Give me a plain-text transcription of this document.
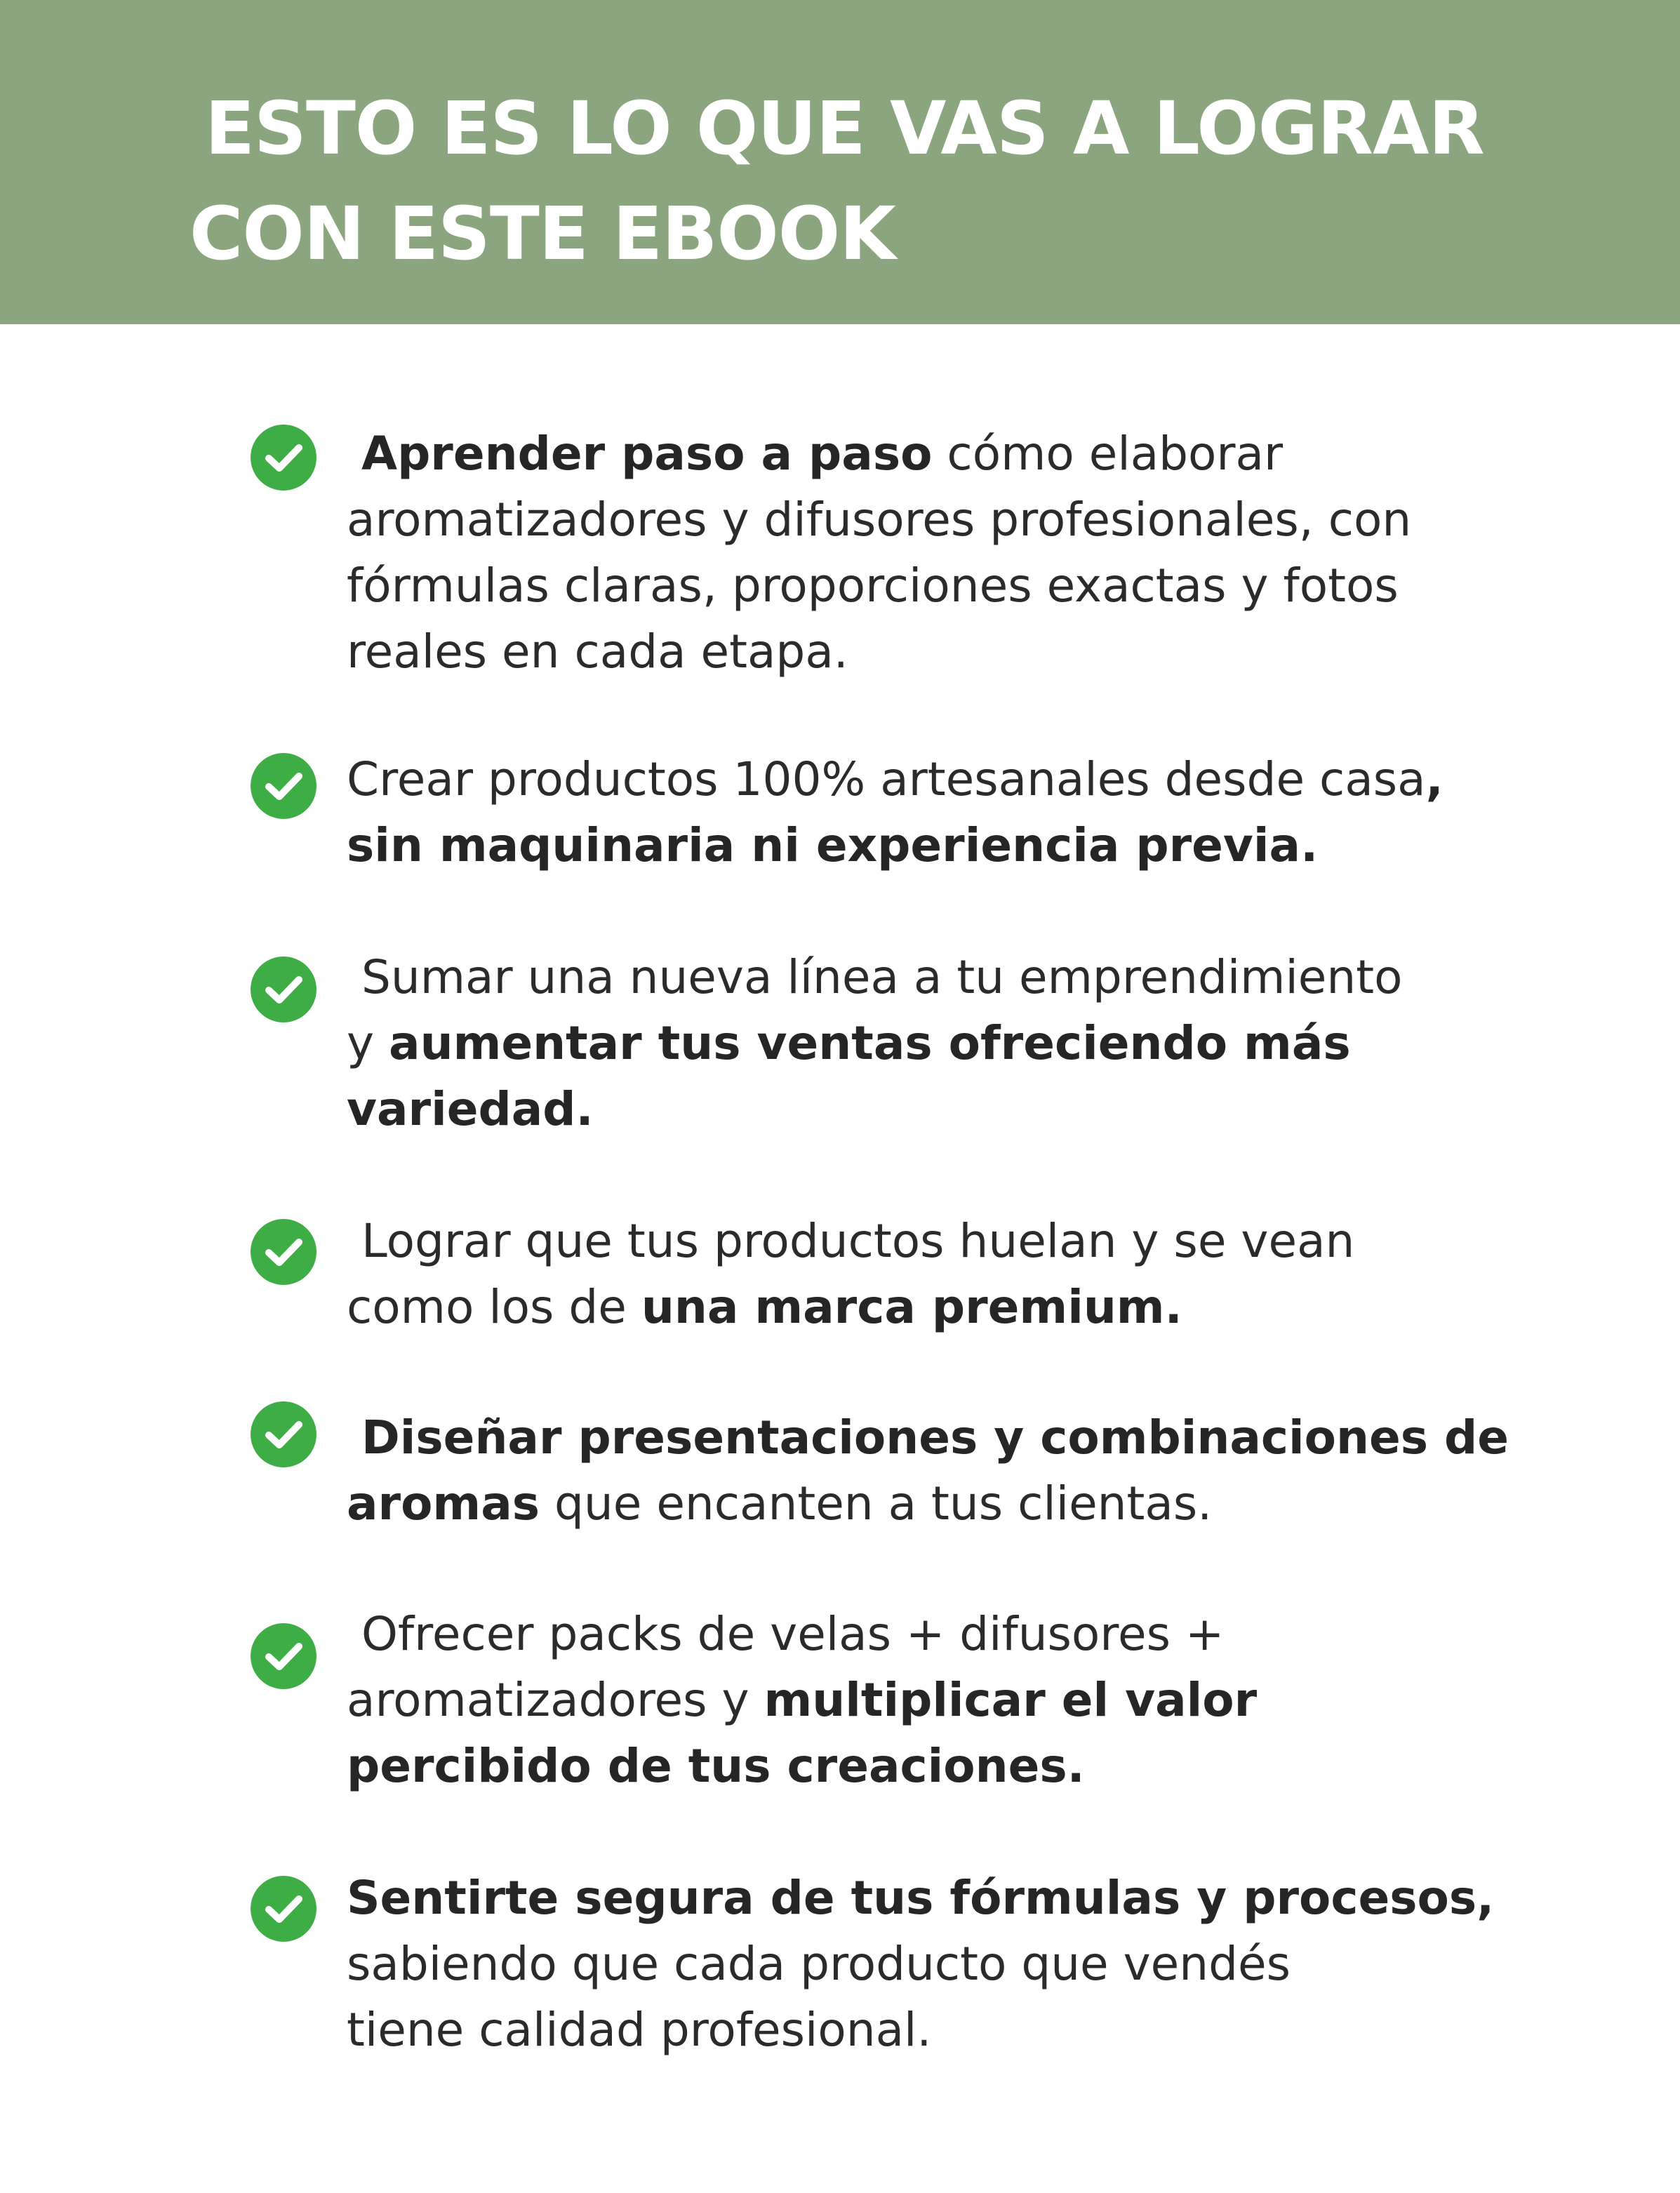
ESTO ES LO QUE VAS A LOGRAR
CON ESTE EBOOK
Aprender paso a paso cómo elaborar
aromatizadores y difusores profesionales, con
fórmulas claras, proporciones exactas y fotos
reales en cada etapa.
Crear productos 100% artesanales desde casa,
sin maquinaria ni experiencia previa.
Sumar una nueva línea a tu emprendimiento
y aumentar tus ventas ofreciendo más
variedad.
Lograr que tus productos huelan y se vean
como los de una marca premium.
Diseñar presentaciones y combinaciones de
aromas que encanten a tus clientas.
Ofrecer packs de velas + difusores +
aromatizadores y multiplicar el valor
percibido de tus creaciones.
Sentirte segura de tus fórmulas y procesos,
sabiendo que cada producto que vendés
tiene calidad profesional.
